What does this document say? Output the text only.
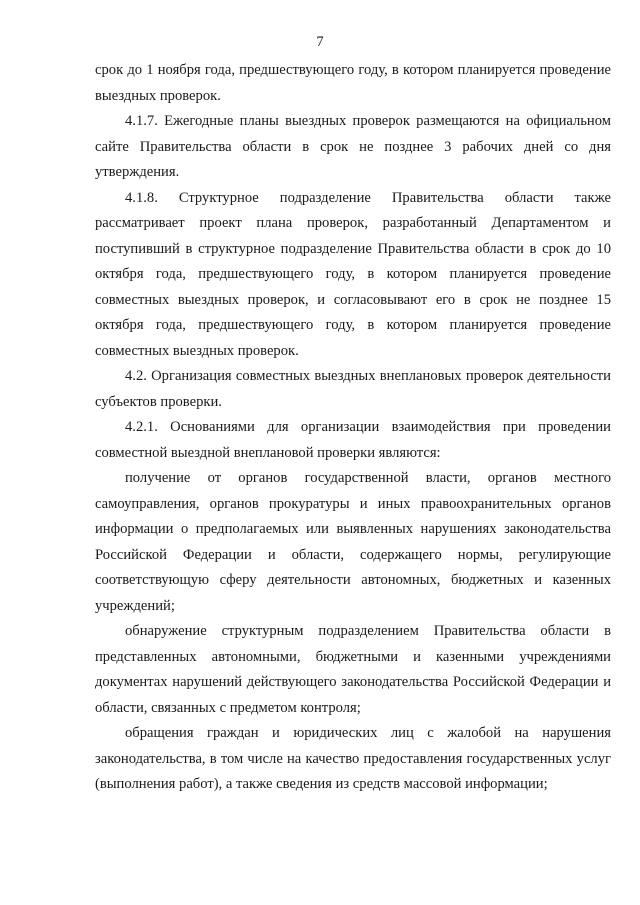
7

срок до 1 ноября года, предшествующего году, в котором планируется проведение выездных проверок.

4.1.7. Ежегодные планы выездных проверок размещаются на официальном сайте Правительства области в срок не позднее 3 рабочих дней со дня утверждения.

4.1.8. Структурное подразделение Правительства области также рассматривает проект плана проверок, разработанный Департаментом и поступивший в структурное подразделение Правительства области в срок до 10 октября года, предшествующего году, в котором планируется проведение совместных выездных проверок, и согласовывают его в срок не позднее 15 октября года, предшествующего году, в котором планируется проведение совместных выездных проверок.

4.2. Организация совместных выездных внеплановых проверок деятельности субъектов проверки.

4.2.1. Основаниями для организации взаимодействия при проведении совместной выездной внеплановой проверки являются:

получение от органов государственной власти, органов местного самоуправления, органов прокуратуры и иных правоохранительных органов информации о предполагаемых или выявленных нарушениях законодательства Российской Федерации и области, содержащего нормы, регулирующие соответствующую сферу деятельности автономных, бюджетных и казенных учреждений;

обнаружение структурным подразделением Правительства области в представленных автономными, бюджетными и казенными учреждениями документах нарушений действующего законодательства Российской Федерации и области, связанных с предметом контроля;

обращения граждан и юридических лиц с жалобой на нарушения законодательства, в том числе на качество предоставления государственных услуг (выполнения работ), а также сведения из средств массовой информации;
